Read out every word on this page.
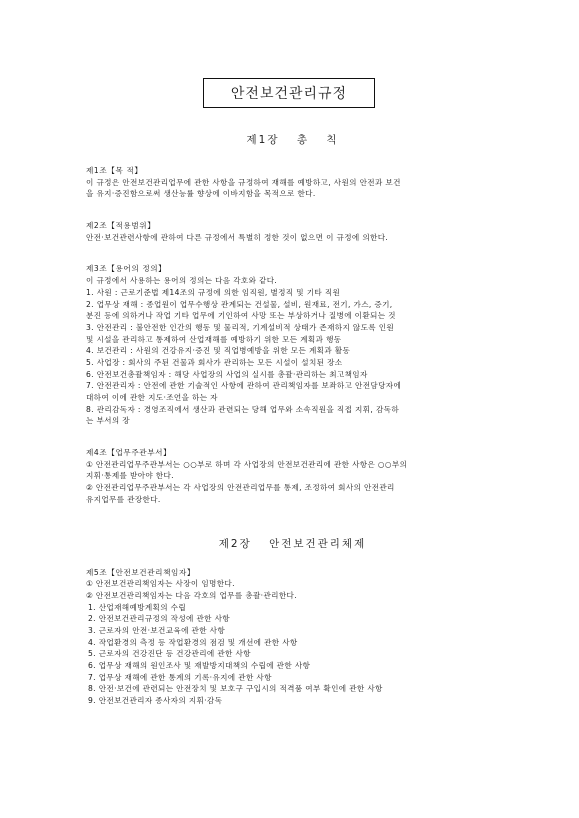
안전보건관리규정

제1장 총 칙

제1조【목 적】

이 규정은 안전보건관리업무에 관한 사항을 규정하여 재해를 예방하고, 사원의 안전과 보건

을 유지·증진함으로써 생산능률 향상에 이바지함을 목적으로 한다.

제2조【적용범위】

안전·보건관련사항에 관하여 다른 규정에서 특별히 정한 것이 없으면 이 규정에 의한다.

제3조【용어의 정의】

이 규정에서 사용하는 용어의 정의는 다음 각호와 같다.

1. 사원 : 근로기준법 제14조의 규정에 의한 임직원, 별정직 및 기타 직원

2. 업무상 재해 : 종업원이 업무수행상 관계되는 건설물, 설비, 원재료, 전기, 가스, 증기,

분진 등에 의하거나 작업 기타 업무에 기인하여 사망 또는 부상하거나 질병에 이환되는 것

3. 안전관리 : 불안전한 인간의 행동 및 물리적, 기계설비적 상태가 존재하지 않도록 인원

및 시설을 관리하고 통제하여 산업재해를 예방하기 위한 모든 계획과 행동

4. 보건관리 : 사원의 건강유지·증진 및 직업병예방을 위한 모든 계획과 활동

5. 사업장 : 회사의 주된 건물과 회사가 관리하는 모든 시설이 설치된 장소

6. 안전보건총괄책임자 : 해당 사업장의 사업의 실시를 총괄·관리하는 최고책임자

7. 안전관리자 : 안전에 관한 기술적인 사항에 관하여 관리책임자를 보좌하고 안전담당자에

대하여 이에 관한 지도·조언을 하는 자

8. 관리감독자 : 경영조직에서 생산과 관련되는 당해 업무와 소속직원을 직접 지휘, 감독하

는 부서의 장

제4조【업무주관부서】

① 안전관리업무주관부서는 ○○부로 하며 각 사업장의 안전보건관리에 관한 사항은 ○○부의

지휘·통제를 받아야 한다.

② 안전관리업무주관부서는 각 사업장의 안전관리업무를 통제, 조정하여 회사의 안전관리

유지업무를 관장한다.

제2장 안전보건관리체제

제5조【안전보건관리책임자】

① 안전보건관리책임자는 사장이 임명한다.

② 안전보건관리책임자는 다음 각호의 업무를 총괄·관리한다.

1. 산업재해예방계획의 수립

2. 안전보건관리규정의 작성에 관한 사항

3. 근로자의 안전·보건교육에 관한 사항

4. 작업환경의 측정 등 작업환경의 점검 및 개선에 관한 사항

5. 근로자의 건강진단 등 건강관리에 관한 사항

6. 업무상 재해의 원인조사 및 재발방지대책의 수립에 관한 사항

7. 업무상 재해에 관한 통계의 기록·유지에 관한 사항

8. 안전·보건에 관련되는 안전장치 및 보호구 구입시의 적격품 여부 확인에 관한 사항

9. 안전보건관리자 종사자의 지휘·감독
